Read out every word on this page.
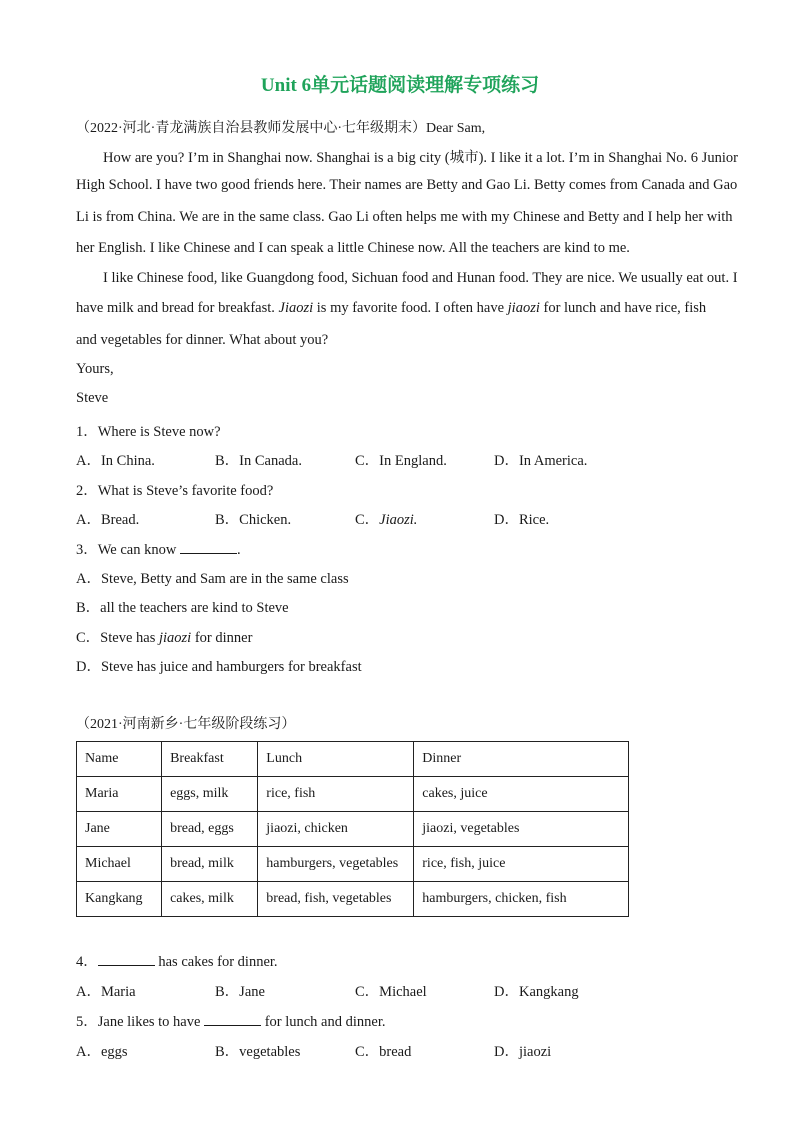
Unit 6单元话题阅读理解专项练习
（2022·河北·青龙满族自治县教师发展中心·七年级期末）Dear Sam,
How are you? I’m in Shanghai now. Shanghai is a big city (城市). I like it a lot. I’m in Shanghai No. 6 Junior
High School. I have two good friends here. Their names are Betty and Gao Li. Betty comes from Canada and Gao
Li is from China. We are in the same class. Gao Li often helps me with my Chinese and Betty and I help her with
her English. I like Chinese and I can speak a little Chinese now. All the teachers are kind to me.
I like Chinese food, like Guangdong food, Sichuan food and Hunan food. They are nice. We usually eat out. I
have milk and bread for breakfast. Jiaozi is my favorite food. I often have jiaozi for lunch and have rice, fish
and vegetables for dinner. What about you?
Yours,
Steve
1．Where is Steve now?
A．In China.	B．In Canada.	C．In England.	D．In America.
2．What is Steve’s favorite food?
A．Bread.	B．Chicken.	C．Jiaozi.	D．Rice.
3．We can know	.
A．Steve, Betty and Sam are in the same class
B．all the teachers are kind to Steve
C．Steve has jiaozi for dinner
D．Steve has juice and hamburgers for breakfast
（2021·河南新乡·七年级阶段练习）
Name	Breakfast	Lunch	Dinner
Maria	eggs, milk	rice, fish	cakes, juice
Jane	bread, eggs	jiaozi, chicken	jiaozi, vegetables
Michael	bread, milk	hamburgers, vegetables	rice, fish, juice
Kangkang	cakes, milk	bread, fish, vegetables	hamburgers, chicken, fish
4．	has cakes for dinner.
A．Maria	B．Jane	C．Michael	D．Kangkang
5．Jane likes to have	for lunch and dinner.
A．eggs	B．vegetables	C．bread	D．jiaozi
